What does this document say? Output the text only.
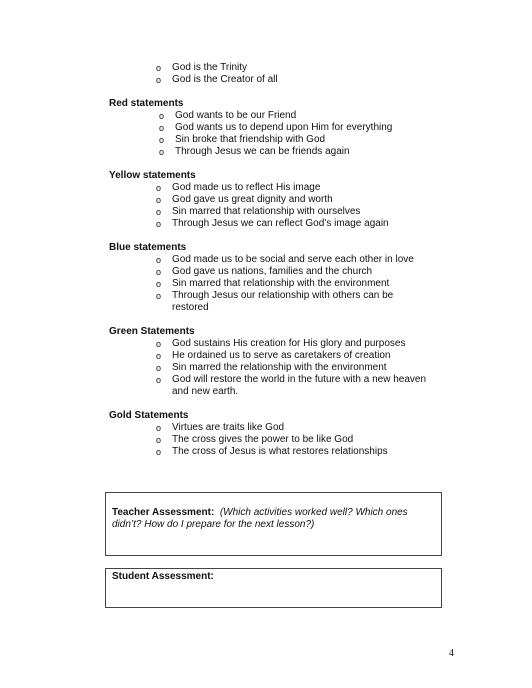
o God is the Trinity
o God is the Creator of all
Red statements
o God wants to be our Friend
o God wants us to depend upon Him for everything
o Sin broke that friendship with God
o Through Jesus we can be friends again
Yellow statements
o God made us to reflect His image
o God gave us great dignity and worth
o Sin marred that relationship with ourselves
o Through Jesus we can reflect God’s image again
Blue statements
o God made us to be social and serve each other in love
o God gave us nations, families and the church
o Sin marred that relationship with the environment
o Through Jesus our relationship with others can be restored
Green Statements
o God sustains His creation for His glory and purposes
o He ordained us to serve as caretakers of creation
o Sin marred the relationship with the environment
o God will restore the world in the future with a new heaven and new earth.
Gold Statements
o Virtues are traits like God
o The cross gives the power to be like God
o The cross of Jesus is what restores relationships
Teacher Assessment: (Which activities worked well? Which ones didn’t? How do I prepare for the next lesson?)
Student Assessment:
4
